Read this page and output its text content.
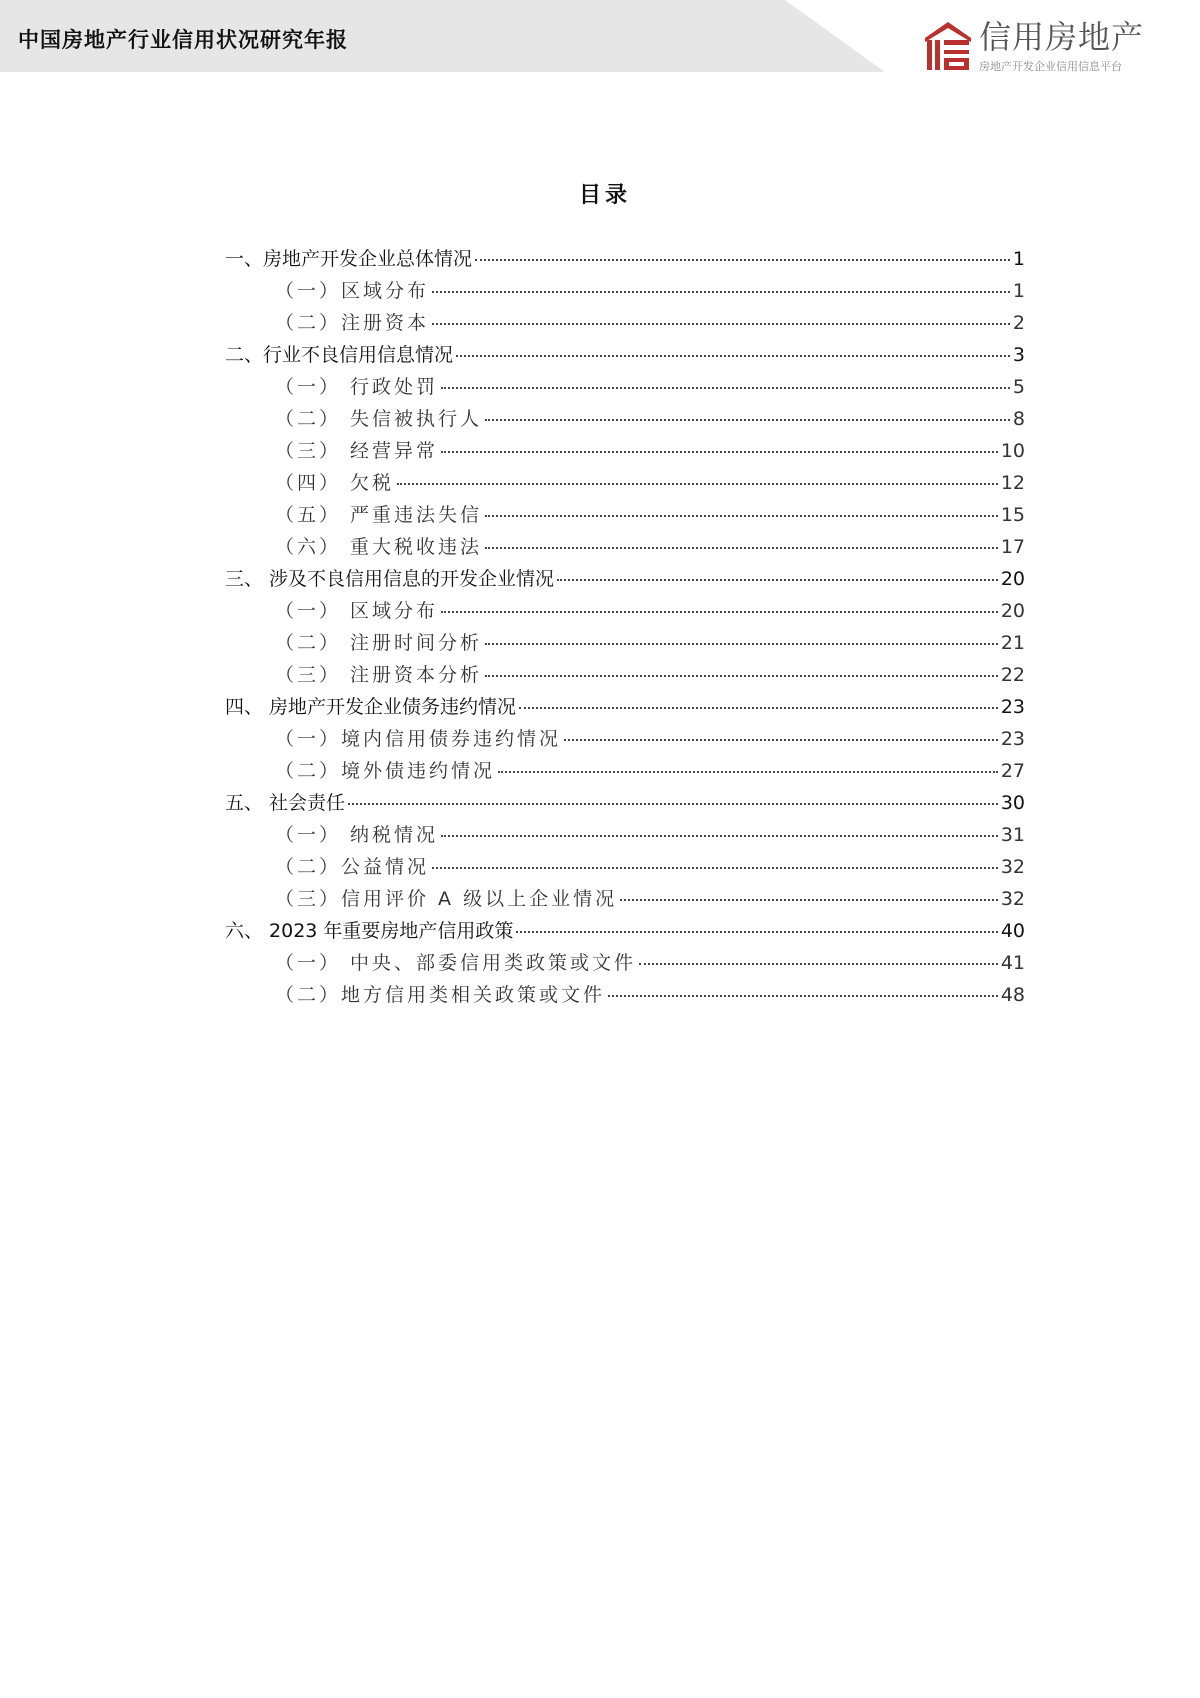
中国房地产行业信用状况研究年报	信用房地产
房地产开发企业信用信息平台
目录
一、房地产开发企业总体情况	1
（一）区域分布	1
（二）注册资本	2
二、行业不良信用信息情况	3
（一） 行政处罚	5
（二） 失信被执行人	8
（三） 经营异常	10
（四） 欠税	12
（五） 严重违法失信	15
（六） 重大税收违法	17
三、 涉及不良信用信息的开发企业情况	20
（一） 区域分布	20
（二） 注册时间分析	21
（三） 注册资本分析	22
四、 房地产开发企业债务违约情况	23
（一）境内信用债券违约情况	23
（二）境外债违约情况	27
五、 社会责任	30
（一） 纳税情况	31
（二）公益情况	32
（三）信用评价 A 级以上企业情况	32
六、 2023 年重要房地产信用政策	40
（一） 中央、部委信用类政策或文件	41
（二）地方信用类相关政策或文件	48
